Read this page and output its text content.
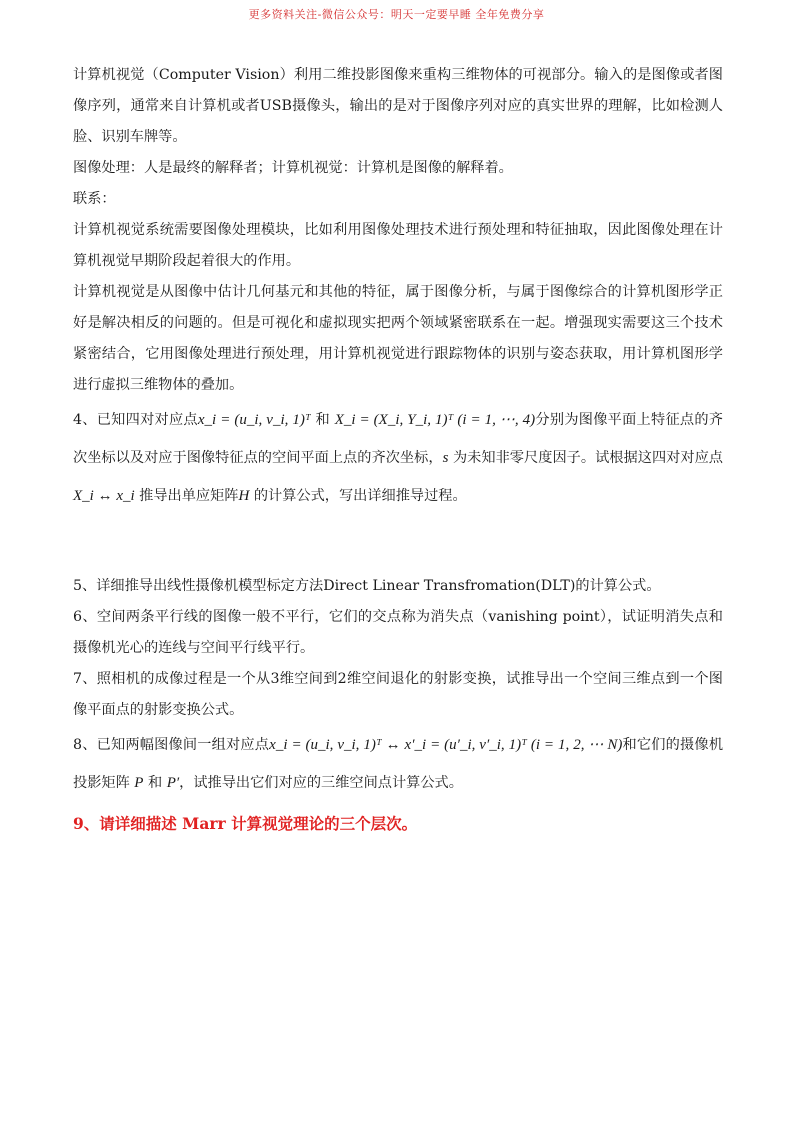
更多资料关注-微信公众号：明天一定要早睡 全年免费分享

计算机视觉（Computer Vision）利用二维投影图像来重构三维物体的可视部分。输入的是图像或者图像序列，通常来自计算机或者USB摄像头，输出的是对于图像序列对应的真实世界的理解，比如检测人脸、识别车牌等。

图像处理：人是最终的解释者；计算机视觉：计算机是图像的解释着。

联系：

计算机视觉系统需要图像处理模块，比如利用图像处理技术进行预处理和特征抽取，因此图像处理在计算机视觉早期阶段起着很大的作用。

计算机视觉是从图像中估计几何基元和其他的特征，属于图像分析，与属于图像综合的计算机图形学正好是解决相反的问题的。但是可视化和虚拟现实把两个领域紧密联系在一起。增强现实需要这三个技术紧密结合，它用图像处理进行预处理，用计算机视觉进行跟踪物体的识别与姿态获取，用计算机图形学进行虚拟三维物体的叠加。

4、已知四对对应点x_i = (u_i, v_i, 1)ᵀ 和 X_i = (X_i, Y_i, 1)ᵀ (i = 1, ⋯, 4)分别为图像平面上特征点的齐次坐标以及对应于图像特征点的空间平面上点的齐次坐标，s 为未知非零尺度因子。试根据这四对对应点X_i ↔ x_i 推导出单应矩阵H 的计算公式，写出详细推导过程。

5、详细推导出线性摄像机模型标定方法Direct Linear Transfromation(DLT)的计算公式。

6、空间两条平行线的图像一般不平行，它们的交点称为消失点（vanishing point），试证明消失点和摄像机光心的连线与空间平行线平行。

7、照相机的成像过程是一个从3维空间到2维空间退化的射影变换，试推导出一个空间三维点到一个图像平面点的射影变换公式。

8、已知两幅图像间一组对应点x_i = (u_i, v_i, 1)ᵀ ↔ x′_i = (u′_i, v′_i, 1)ᵀ (i = 1, 2, ⋯ N)和它们的摄像机投影矩阵 P 和 P′，试推导出它们对应的三维空间点计算公式。

9、请详细描述 Marr 计算视觉理论的三个层次。
